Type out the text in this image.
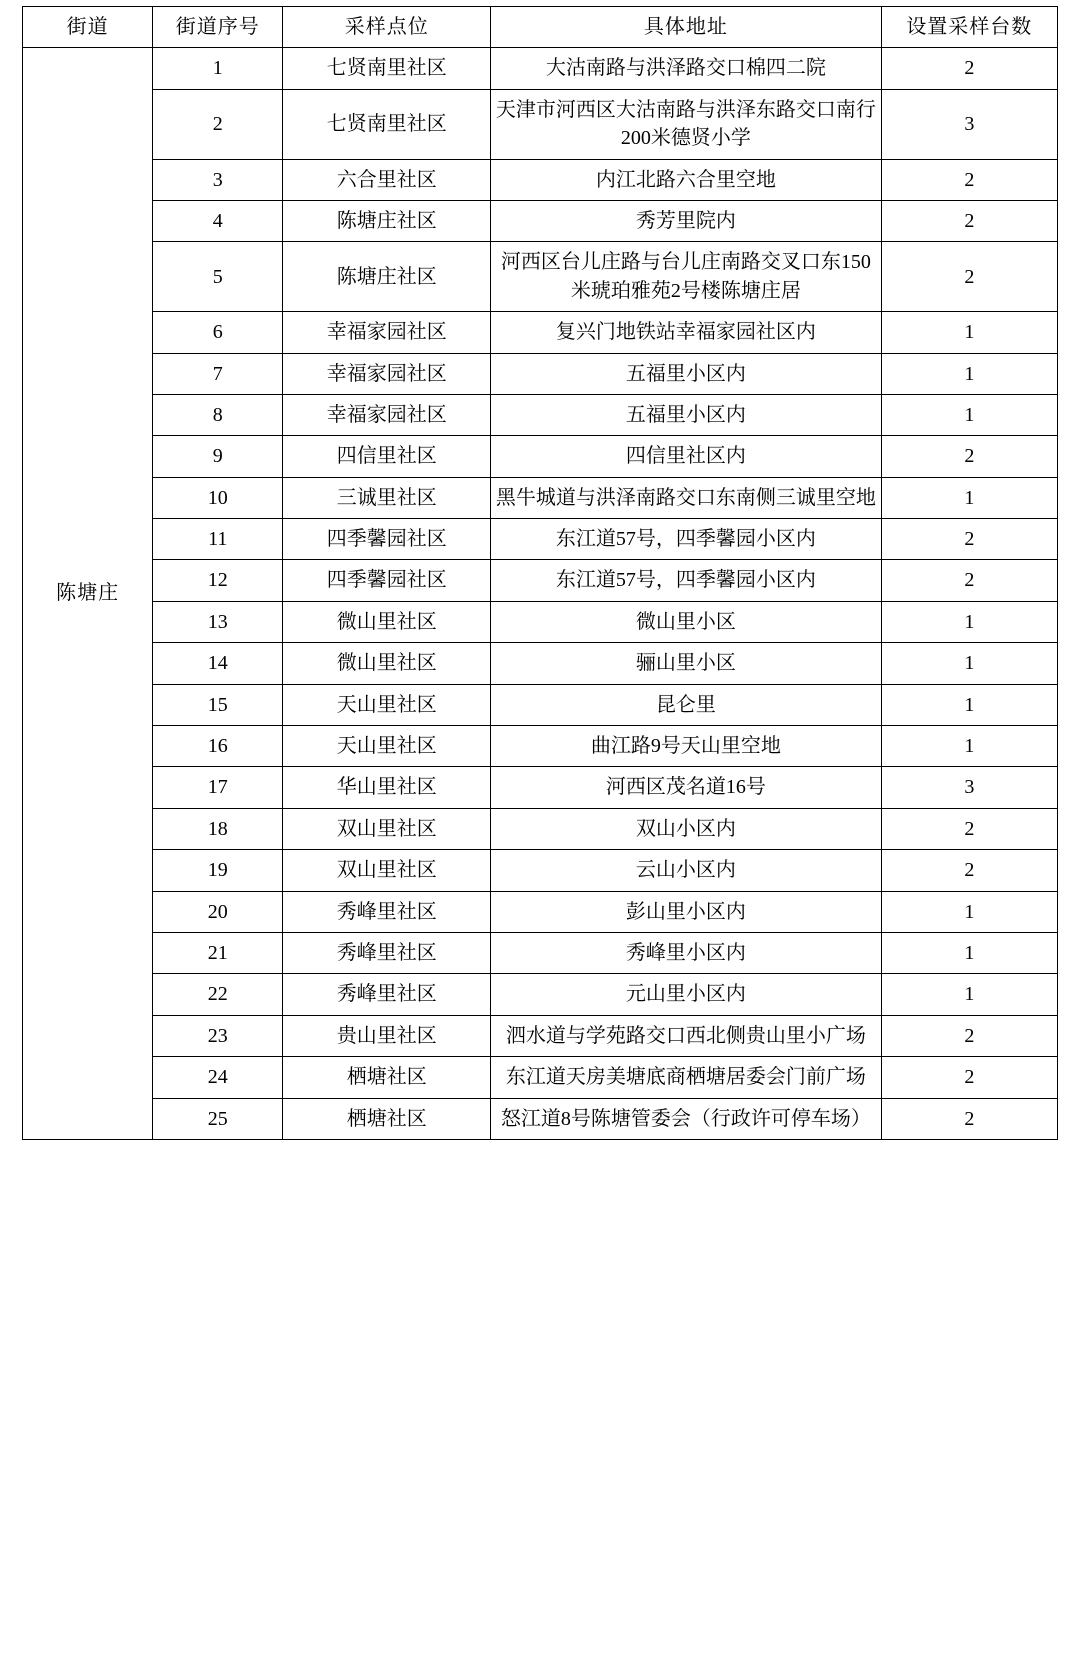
街道	街道序号	采样点位	具体地址	设置采样台数
陈塘庄	1	七贤南里社区	大沽南路与洪泽路交口棉四二院	2
	2	七贤南里社区	天津市河西区大沽南路与洪泽东路交口南行200米德贤小学	3
	3	六合里社区	内江北路六合里空地	2
	4	陈塘庄社区	秀芳里院内	2
	5	陈塘庄社区	河西区台儿庄路与台儿庄南路交叉口东150米琥珀雅苑2号楼陈塘庄居	2
	6	幸福家园社区	复兴门地铁站幸福家园社区内	1
	7	幸福家园社区	五福里小区内	1
	8	幸福家园社区	五福里小区内	1
	9	四信里社区	四信里社区内	2
	10	三诚里社区	黑牛城道与洪泽南路交口东南侧三诚里空地	1
	11	四季馨园社区	东江道57号，四季馨园小区内	2
	12	四季馨园社区	东江道57号，四季馨园小区内	2
	13	微山里社区	微山里小区	1
	14	微山里社区	骊山里小区	1
	15	天山里社区	昆仑里	1
	16	天山里社区	曲江路9号天山里空地	1
	17	华山里社区	河西区茂名道16号	3
	18	双山里社区	双山小区内	2
	19	双山里社区	云山小区内	2
	20	秀峰里社区	彭山里小区内	1
	21	秀峰里社区	秀峰里小区内	1
	22	秀峰里社区	元山里小区内	1
	23	贵山里社区	泗水道与学苑路交口西北侧贵山里小广场	2
	24	栖塘社区	东江道天房美塘底商栖塘居委会门前广场	2
	25	栖塘社区	怒江道8号陈塘管委会（行政许可停车场）	2
